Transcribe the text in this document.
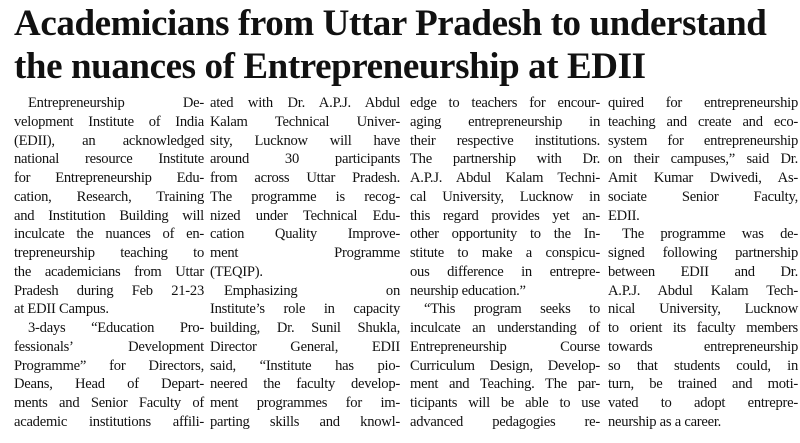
Academicians from Uttar Pradesh to understand
the nuances of Entrepreneurship at EDII
Entrepreneurship De-
velopment Institute of India
(EDII), an acknowledged
national resource Institute
for Entrepreneurship Edu-
cation, Research, Training
and Institution Building will
inculcate the nuances of en-
trepreneurship teaching to
the academicians from Uttar
Pradesh during Feb 21-23
at EDII Campus.
3-days “Education Pro-
fessionals’ Development
Programme” for Directors,
Deans, Head of Depart-
ments and Senior Faculty of
academic institutions affili-
ated with Dr. A.P.J. Abdul
Kalam Technical Univer-
sity, Lucknow will have
around 30 participants
from across Uttar Pradesh.
The programme is recog-
nized under Technical Edu-
cation Quality Improve-
ment Programme
(TEQIP).
Emphasizing on
Institute’s role in capacity
building, Dr. Sunil Shukla,
Director General, EDII
said, “Institute has pio-
neered the faculty develop-
ment programmes for im-
parting skills and knowl-
edge to teachers for encour-
aging entrepreneurship in
their respective institutions.
The partnership with Dr.
A.P.J. Abdul Kalam Techni-
cal University, Lucknow in
this regard provides yet an-
other opportunity to the In-
stitute to make a conspicu-
ous difference in entrepre-
neurship education.”
“This program seeks to
inculcate an understanding of
Entrepreneurship Course
Curriculum Design, Develop-
ment and Teaching. The par-
ticipants will be able to use
advanced pedagogies re-
quired for entrepreneurship
teaching and create and eco-
system for entrepreneurship
on their campuses,” said Dr.
Amit Kumar Dwivedi, As-
sociate Senior Faculty,
EDII.
The programme was de-
signed following partnership
between EDII and Dr.
A.P.J. Abdul Kalam Tech-
nical University, Lucknow
to orient its faculty members
towards entrepreneurship
so that students could, in
turn, be trained and moti-
vated to adopt entrepre-
neurship as a career.
